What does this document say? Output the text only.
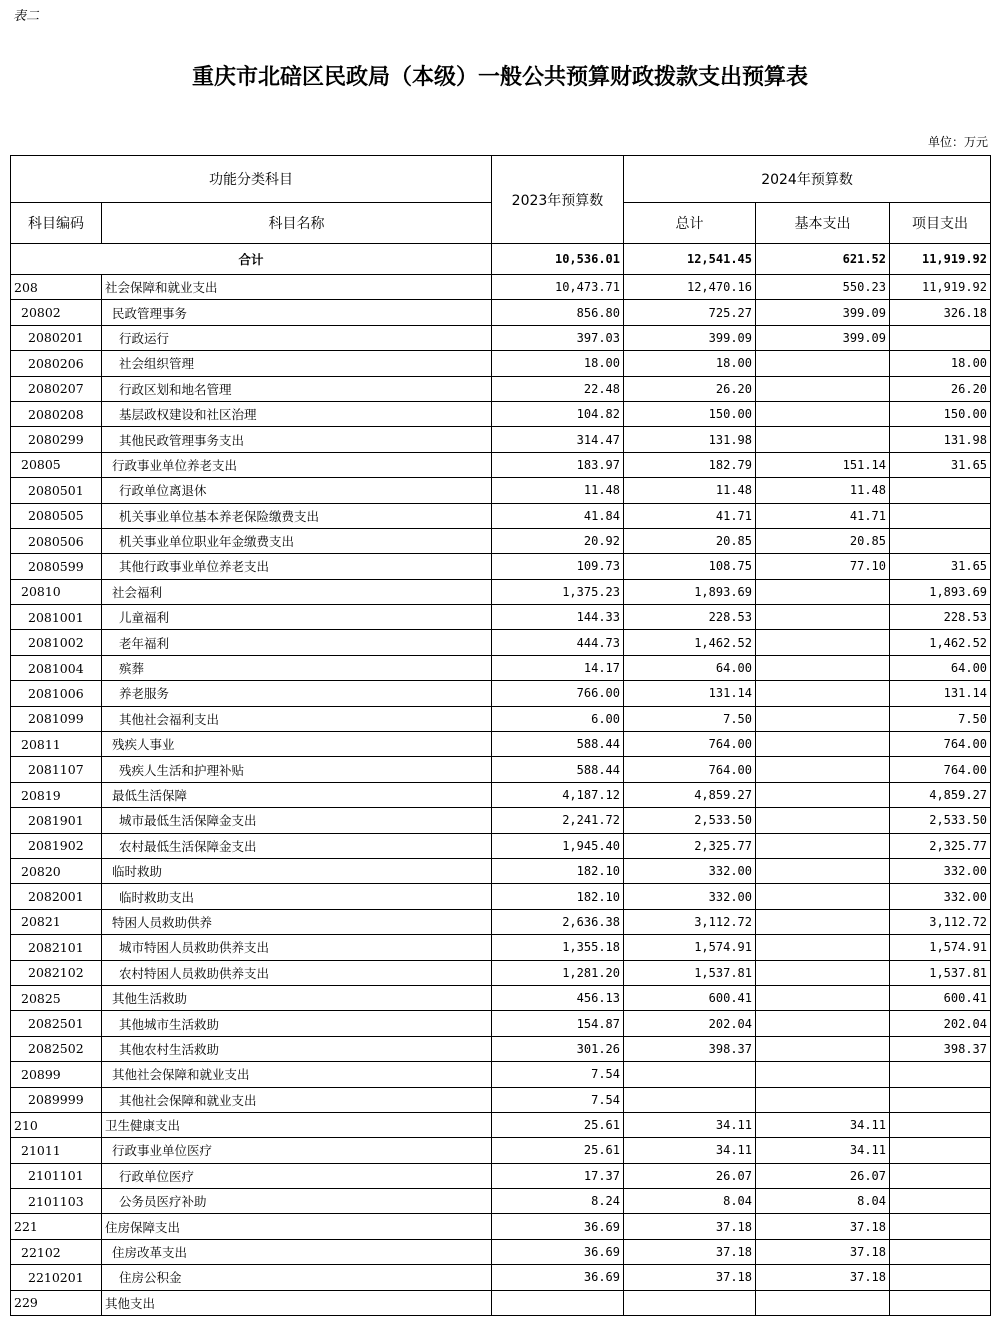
表二
重庆市北碚区民政局（本级）一般公共预算财政拨款支出预算表
单位：万元
功能分类科目		2023年预算数	2024年预算数		
科目编码	科目名称		总计	基本支出	项目支出
合计		10,536.01	12,541.45	621.52	11,919.92
208	社会保障和就业支出	10,473.71	12,470.16	550.23	11,919.92
20802	民政管理事务	856.80	725.27	399.09	326.18
2080201	行政运行	397.03	399.09	399.09	
2080206	社会组织管理	18.00	18.00		18.00
2080207	行政区划和地名管理	22.48	26.20		26.20
2080208	基层政权建设和社区治理	104.82	150.00		150.00
2080299	其他民政管理事务支出	314.47	131.98		131.98
20805	行政事业单位养老支出	183.97	182.79	151.14	31.65
2080501	行政单位离退休	11.48	11.48	11.48	
2080505	机关事业单位基本养老保险缴费支出	41.84	41.71	41.71	
2080506	机关事业单位职业年金缴费支出	20.92	20.85	20.85	
2080599	其他行政事业单位养老支出	109.73	108.75	77.10	31.65
20810	社会福利	1,375.23	1,893.69		1,893.69
2081001	儿童福利	144.33	228.53		228.53
2081002	老年福利	444.73	1,462.52		1,462.52
2081004	殡葬	14.17	64.00		64.00
2081006	养老服务	766.00	131.14		131.14
2081099	其他社会福利支出	6.00	7.50		7.50
20811	残疾人事业	588.44	764.00		764.00
2081107	残疾人生活和护理补贴	588.44	764.00		764.00
20819	最低生活保障	4,187.12	4,859.27		4,859.27
2081901	城市最低生活保障金支出	2,241.72	2,533.50		2,533.50
2081902	农村最低生活保障金支出	1,945.40	2,325.77		2,325.77
20820	临时救助	182.10	332.00		332.00
2082001	临时救助支出	182.10	332.00		332.00
20821	特困人员救助供养	2,636.38	3,112.72		3,112.72
2082101	城市特困人员救助供养支出	1,355.18	1,574.91		1,574.91
2082102	农村特困人员救助供养支出	1,281.20	1,537.81		1,537.81
20825	其他生活救助	456.13	600.41		600.41
2082501	其他城市生活救助	154.87	202.04		202.04
2082502	其他农村生活救助	301.26	398.37		398.37
20899	其他社会保障和就业支出	7.54			
2089999	其他社会保障和就业支出	7.54			
210	卫生健康支出	25.61	34.11	34.11	
21011	行政事业单位医疗	25.61	34.11	34.11	
2101101	行政单位医疗	17.37	26.07	26.07	
2101103	公务员医疗补助	8.24	8.04	8.04	
221	住房保障支出	36.69	37.18	37.18	
22102	住房改革支出	36.69	37.18	37.18	
2210201	住房公积金	36.69	37.18	37.18	
229	其他支出				
